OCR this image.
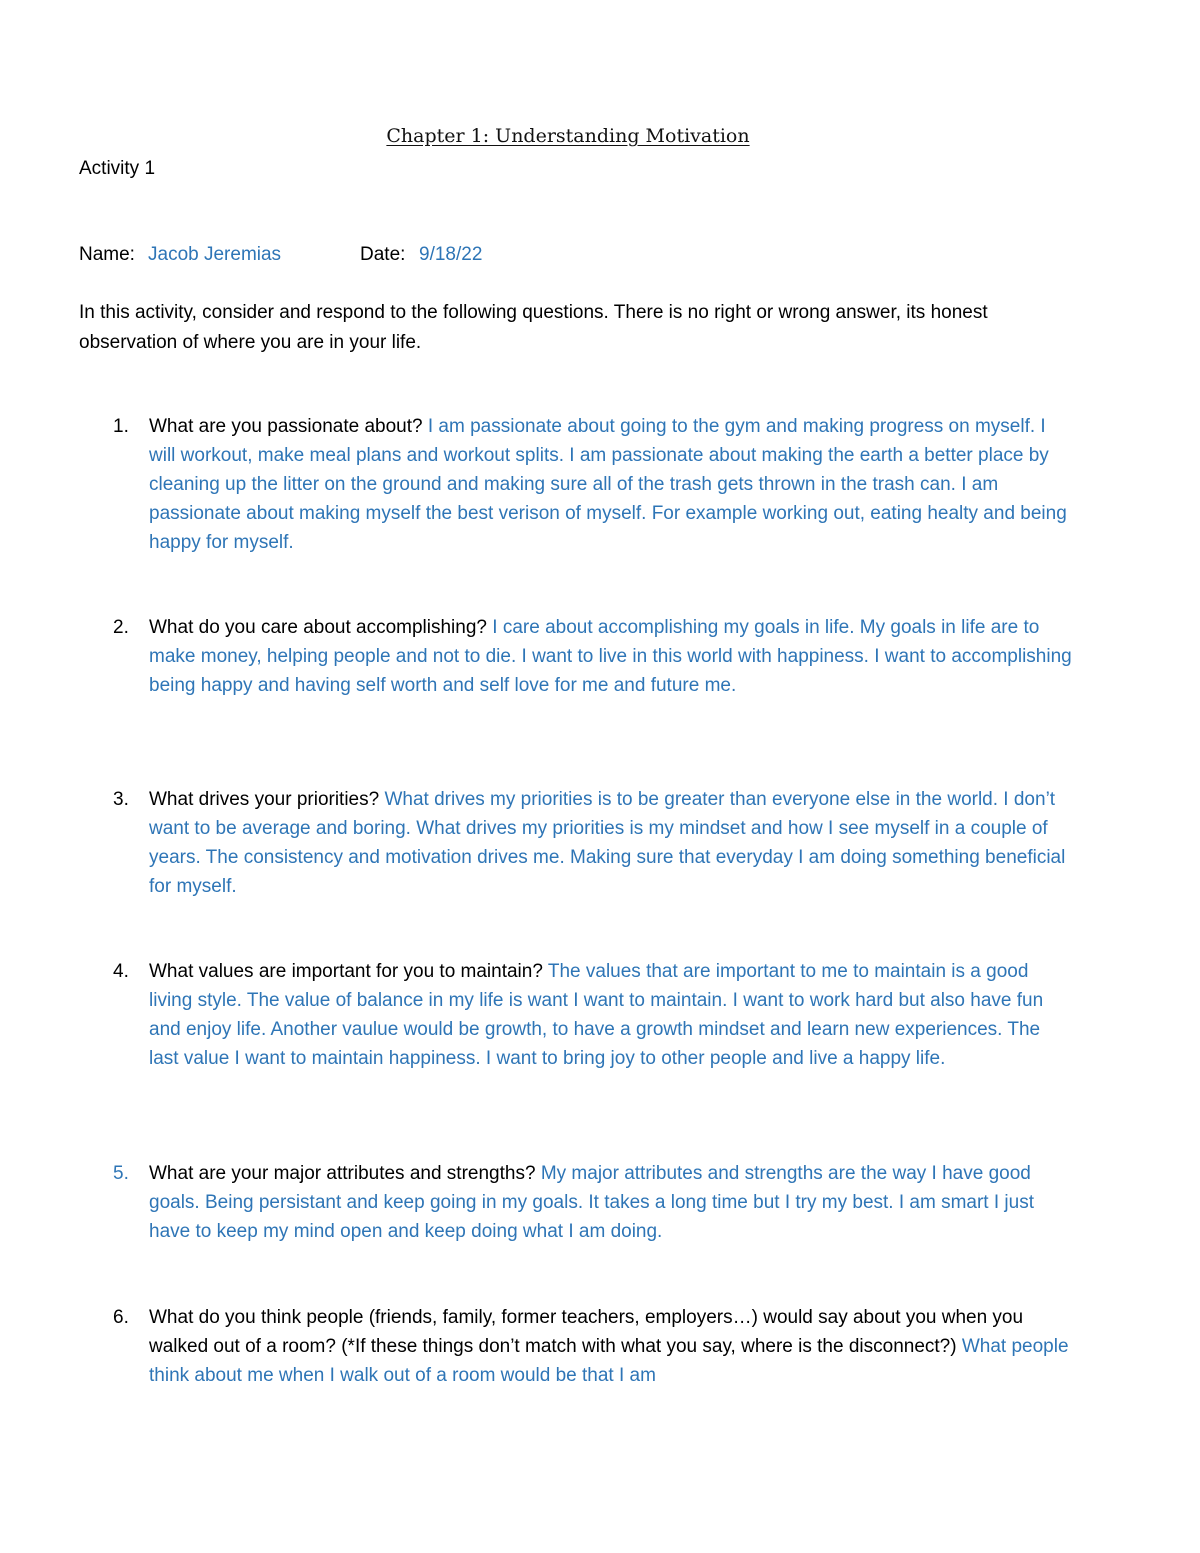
Chapter 1: Understanding Motivation
Activity 1
Name: Jacob Jeremias	Date: 9/18/22
In this activity, consider and respond to the following questions. There is no right or wrong answer, its honest observation of where you are in your life.
1. What are you passionate about? I am passionate about going to the gym and making progress on myself. I will workout, make meal plans and workout splits. I am passionate about making the earth a better place by cleaning up the litter on the ground and making sure all of the trash gets thrown in the trash can. I am passionate about making myself the best verison of myself. For example working out, eating healty and being happy for myself.
2. What do you care about accomplishing? I care about accomplishing my goals in life. My goals in life are to make money, helping people and not to die. I want to live in this world with happiness. I want to accomplishing being happy and having self worth and self love for me and future me.
3. What drives your priorities? What drives my priorities is to be greater than everyone else in the world. I don’t want to be average and boring. What drives my priorities is my mindset and how I see myself in a couple of years. The consistency and motivation drives me. Making sure that everyday I am doing something beneficial for myself.
4. What values are important for you to maintain? The values that are important to me to maintain is a good living style. The value of balance in my life is want I want to maintain. I want to work hard but also have fun and enjoy life. Another vaulue would be growth, to have a growth mindset and learn new experiences. The last value I want to maintain happiness. I want to bring joy to other people and live a happy life.
5. What are your major attributes and strengths? My major attributes and strengths are the way I have good goals. Being persistant and keep going in my goals. It takes a long time but I try my best. I am smart I just have to keep my mind open and keep doing what I am doing.
6. What do you think people (friends, family, former teachers, employers…) would say about you when you walked out of a room? (*If these things don’t match with what you say, where is the disconnect?) What people think about me when I walk out of a room would be that I am
